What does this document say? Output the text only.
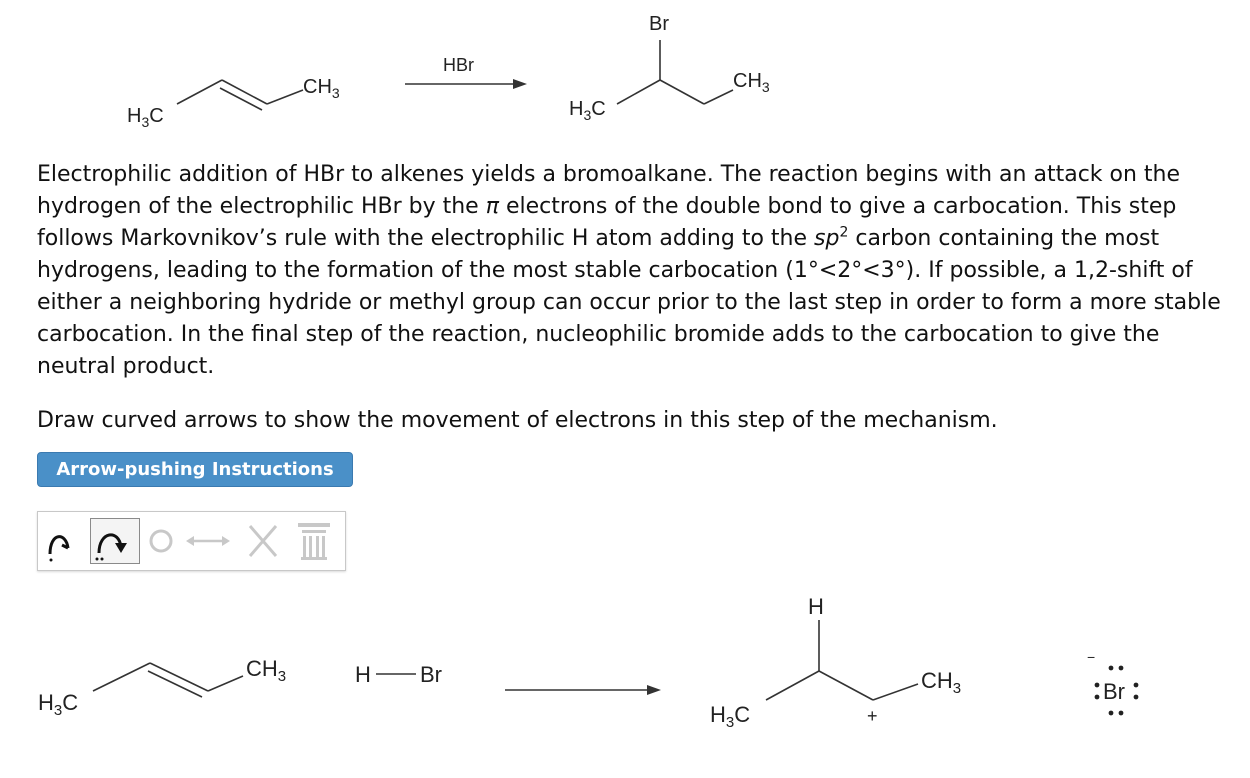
$H_3C$
$CH_3$
HBr
Br
$H_3C$
$CH_3$
$H_3C$
$CH_3$	H Br
H
$H_3C$
$CH_3$
+
Br
−
Electrophilic addition of HBr to alkenes yields a bromoalkane. The reaction begins with an attack on the hydrogen of the electrophilic HBr by the π electrons of the double bond to give a carbocation. This step follows Markovnikov’s rule with the electrophilic H atom adding to the $sp^2$ carbon containing the most hydrogens, leading to the formation of the most stable carbocation (1°<2°<3°). If possible, a 1,2-shift of either a neighboring hydride or methyl group can occur prior to the last step in order to form a more stable carbocation. In the final step of the reaction, nucleophilic bromide adds to the carbocation to give the neutral product.
Draw curved arrows to show the movement of electrons in this step of the mechanism.
Arrow-pushing Instructions
